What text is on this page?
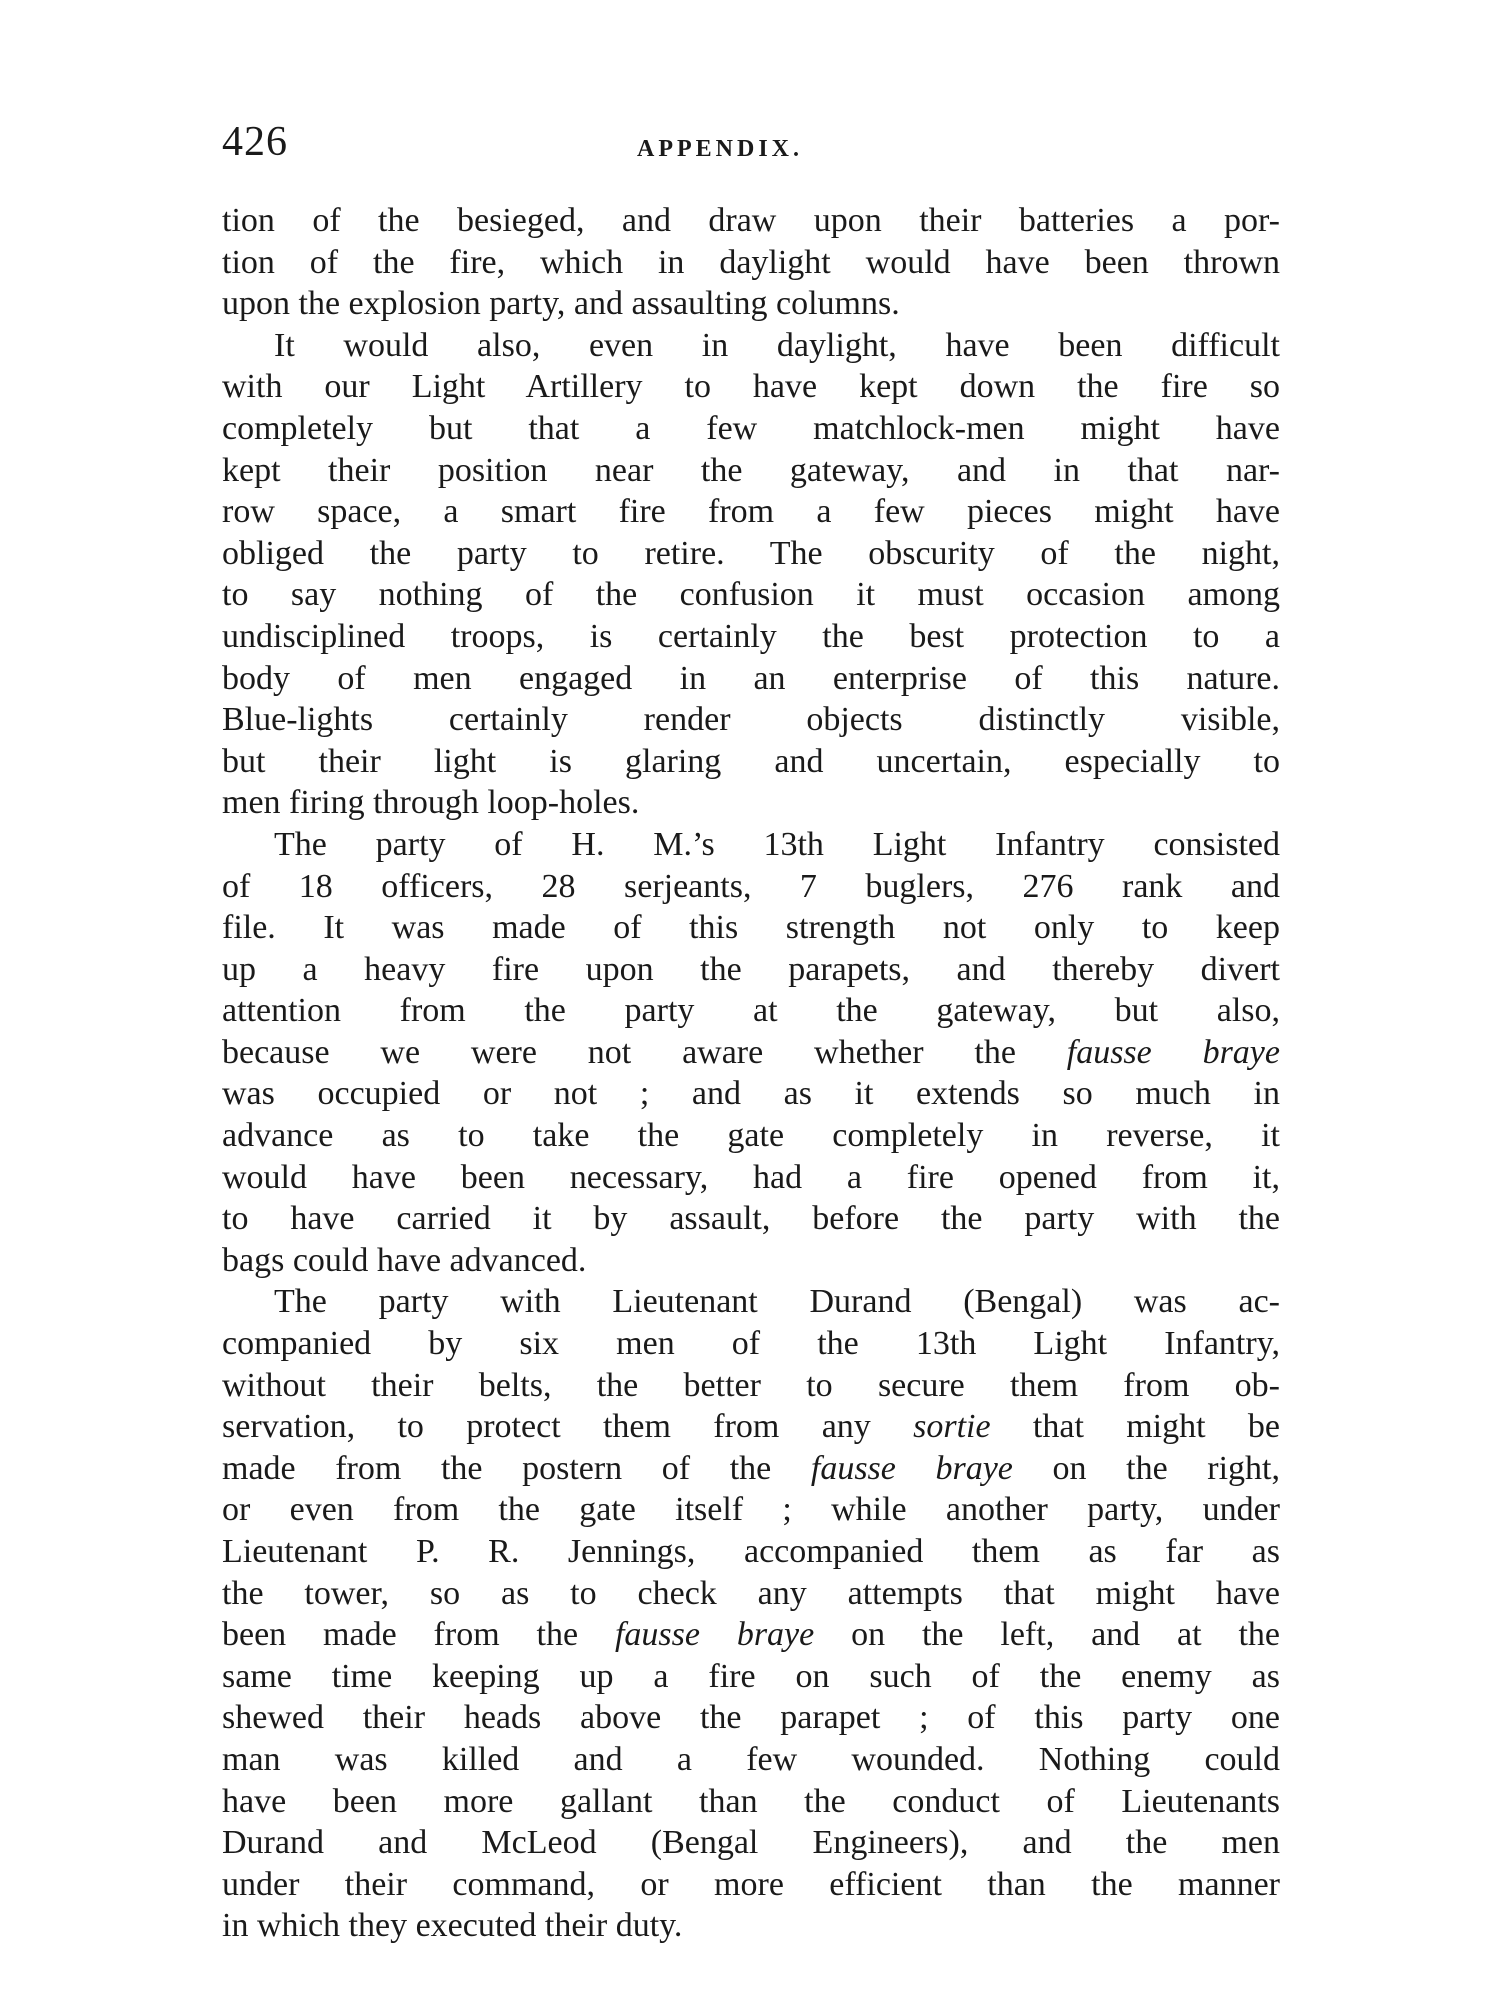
426	APPENDIX.
tion of the besieged, and draw upon their batteries a por-
tion of the fire, which in daylight would have been thrown
upon the explosion party, and assaulting columns.
It would also, even in daylight, have been difficult
with our Light Artillery to have kept down the fire so
completely but that a few matchlock-men might have
kept their position near the gateway, and in that nar-
row space, a smart fire from a few pieces might have
obliged the party to retire. The obscurity of the night,
to say nothing of the confusion it must occasion among
undisciplined troops, is certainly the best protection to a
body of men engaged in an enterprise of this nature.
Blue-lights certainly render objects distinctly visible,
but their light is glaring and uncertain, especially to
men firing through loop-holes.
The party of H. M.’s 13th Light Infantry consisted
of 18 officers, 28 serjeants, 7 buglers, 276 rank and
file. It was made of this strength not only to keep
up a heavy fire upon the parapets, and thereby divert
attention from the party at the gateway, but also,
because we were not aware whether the fausse braye
was occupied or not ; and as it extends so much in
advance as to take the gate completely in reverse, it
would have been necessary, had a fire opened from it,
to have carried it by assault, before the party with the
bags could have advanced.
The party with Lieutenant Durand (Bengal) was ac-
companied by six men of the 13th Light Infantry,
without their belts, the better to secure them from ob-
servation, to protect them from any sortie that might be
made from the postern of the fausse braye on the right,
or even from the gate itself ; while another party, under
Lieutenant P. R. Jennings, accompanied them as far as
the tower, so as to check any attempts that might have
been made from the fausse braye on the left, and at the
same time keeping up a fire on such of the enemy as
shewed their heads above the parapet ; of this party one
man was killed and a few wounded. Nothing could
have been more gallant than the conduct of Lieutenants
Durand and McLeod (Bengal Engineers), and the men
under their command, or more efficient than the manner
in which they executed their duty.
